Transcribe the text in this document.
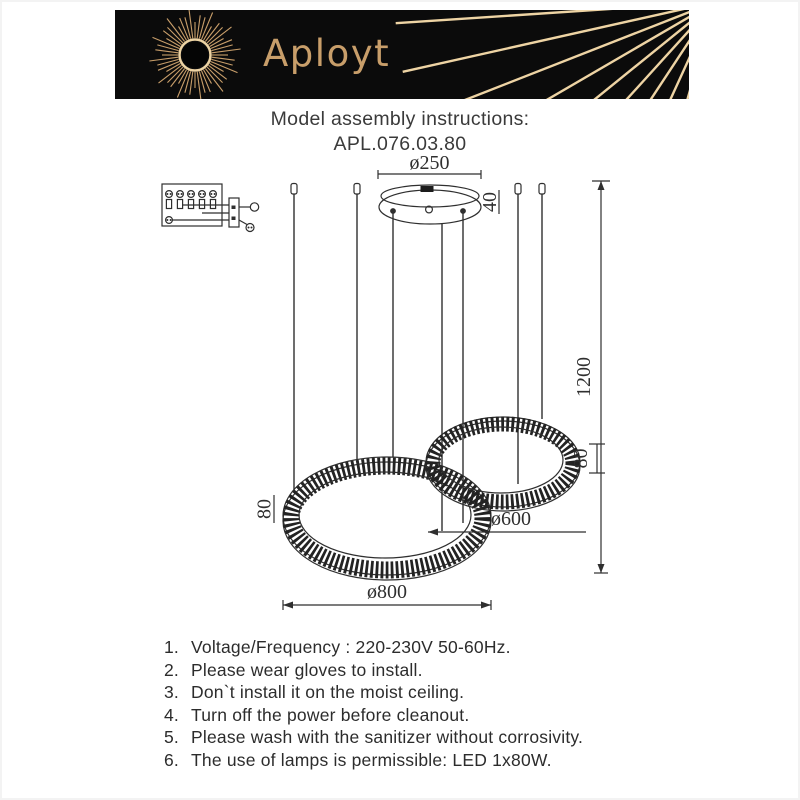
Aployt
Model assembly instructions:
APL.076.03.80
ø250
40
1200
80
ø600
ø800
80
1. Voltage/Frequency : 220-230V 50-60Hz.
2. Please wear gloves to install.
3. Don`t install it on the moist ceiling.
4. Turn off the power before cleanout.
5. Please wash with the sanitizer without corrosivity.
6. The use of lamps is permissible: LED 1x80W.
